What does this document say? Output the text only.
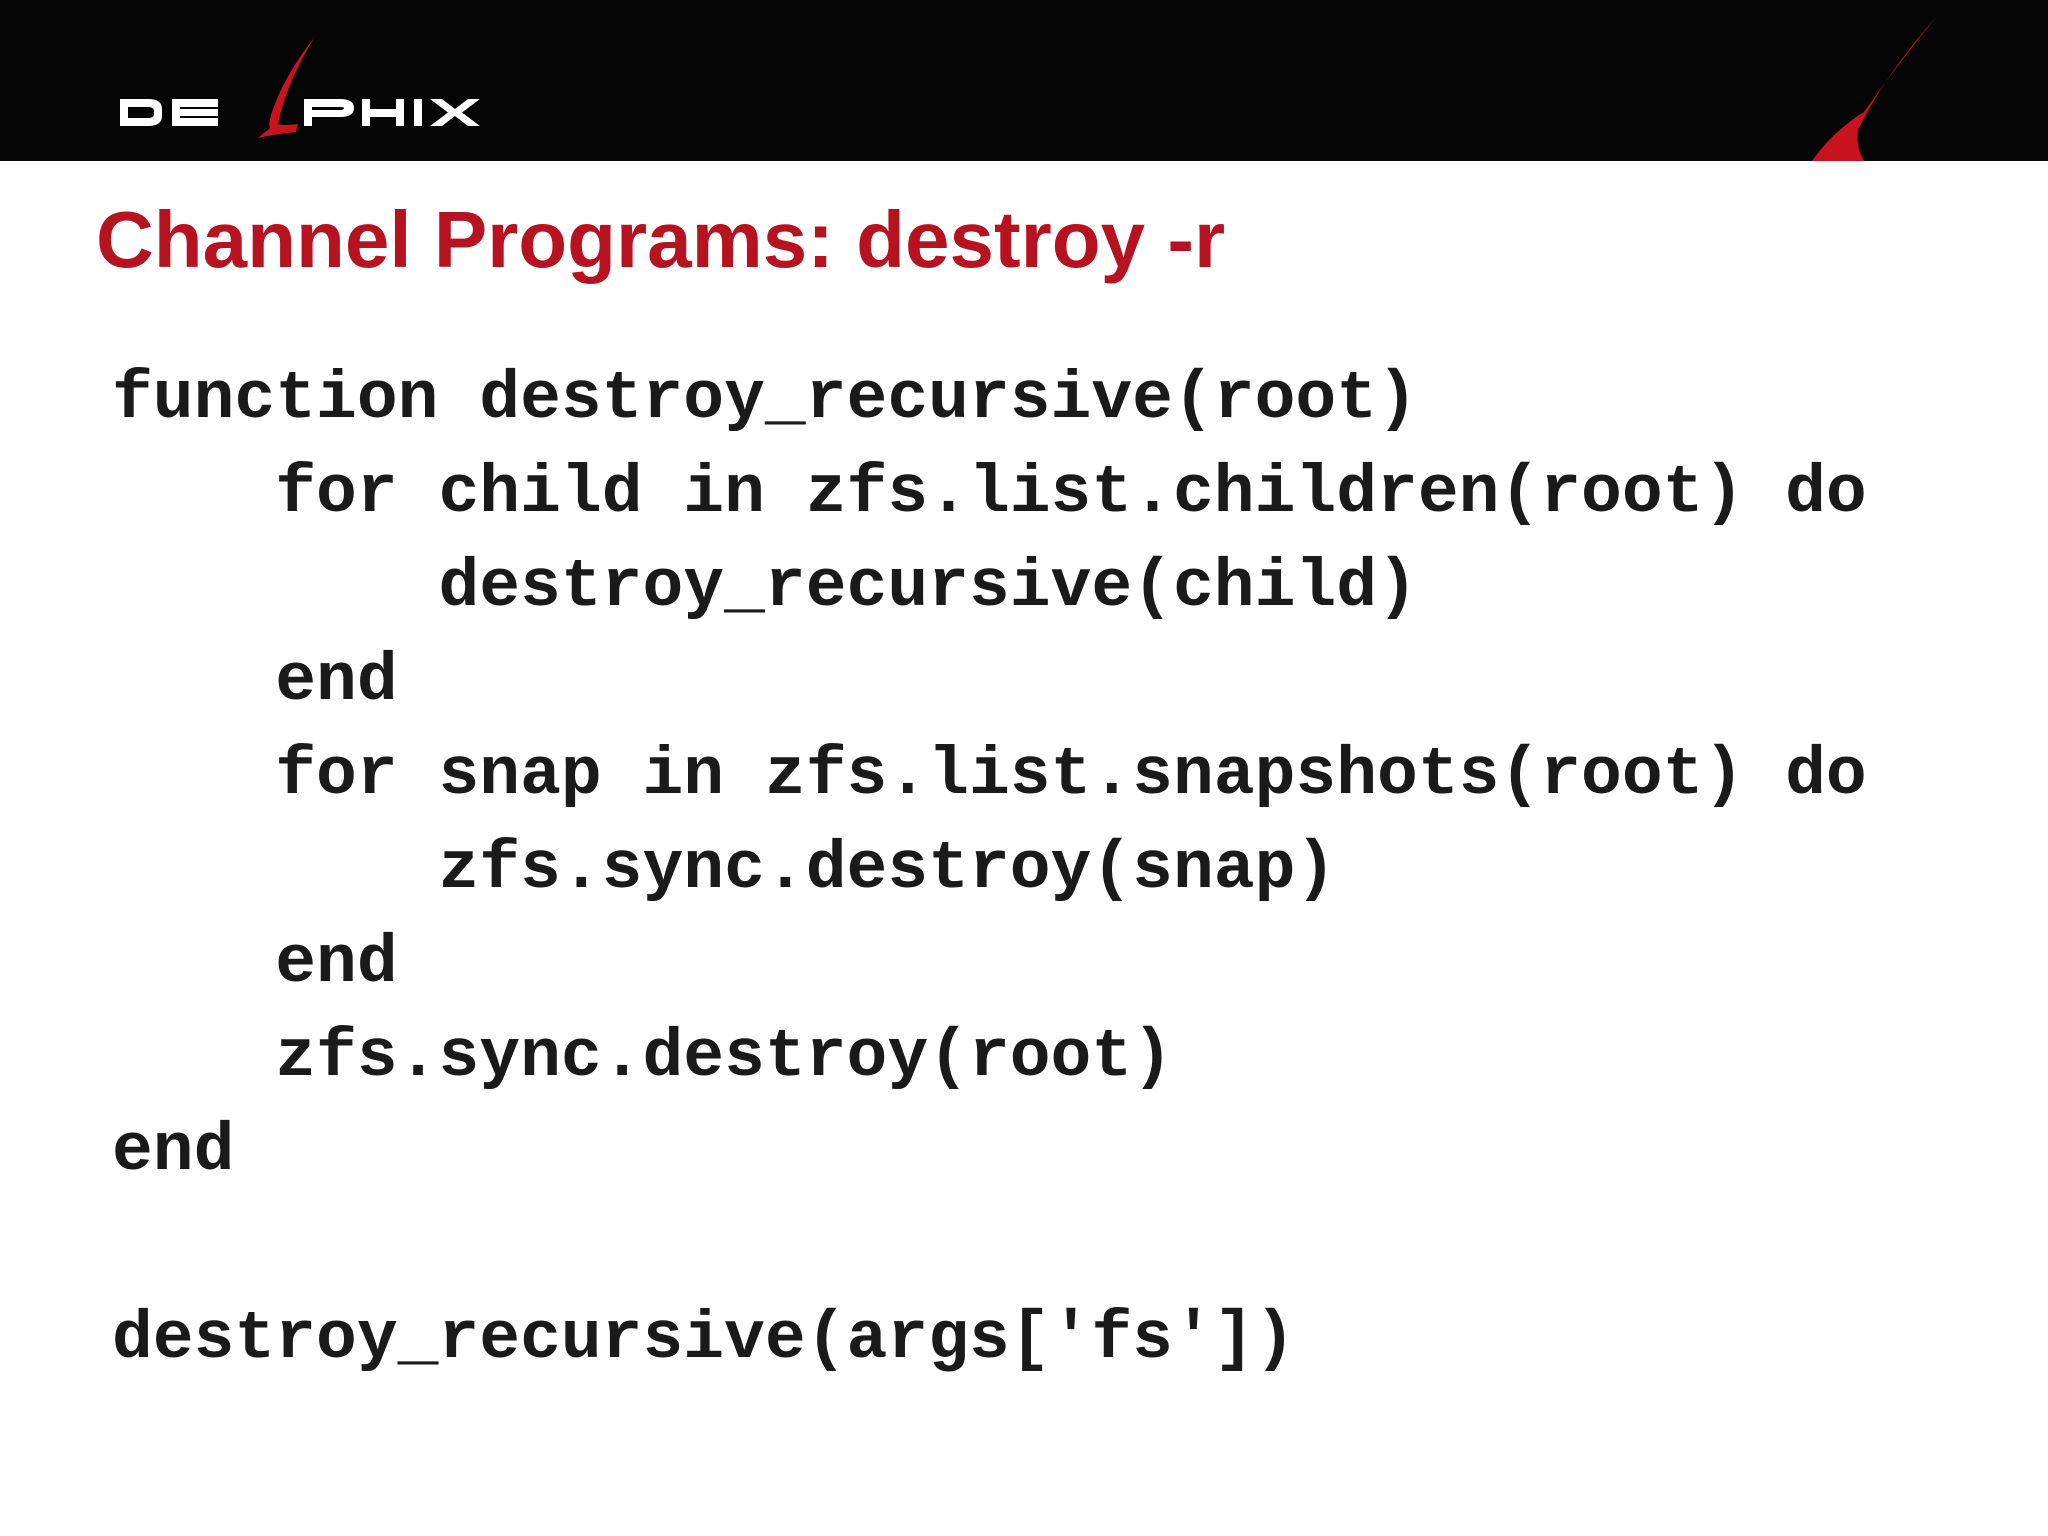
Channel Programs: destroy -r

function destroy_recursive(root)

for child in zfs.list.children(root) do

destroy_recursive(child)

end

for snap in zfs.list.snapshots(root) do

zfs.sync.destroy(snap)

end

zfs.sync.destroy(root)

end

destroy_recursive(args['fs'])
